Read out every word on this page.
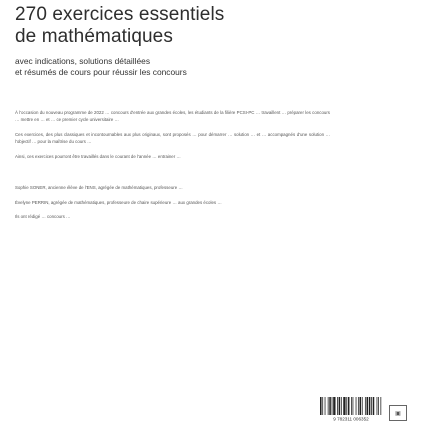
270 exercices essentiels
de mathématiques
avec indications, solutions détaillées
et résumés de cours pour réussir les concours

À l'occasion du nouveau programme de 2022 … concours d'entrée aux grandes écoles, les étudiants de la filière PCSI-PC … travaillent … préparer les concours … mettre en … et … ce premier cycle universitaire …

Ces exercices, des plus classiques et incontournables aux plus originaux, sont proposés … pour démarrer … solution … et … accompagnés d'une solution … l'objectif … pour la maîtrise du cours …

Ainsi, ces exercices pourront être travaillés dans le courant de l'année … entrainer …

Sophie SONER, ancienne élève de l'ENS, agrégée de mathématiques, professeure …

Évelyne PERRIN, agrégée de mathématiques, professeure de chaire supérieure … aux grandes écoles …

Ils ont rédigé … concours …

9 782311 006352
▣
